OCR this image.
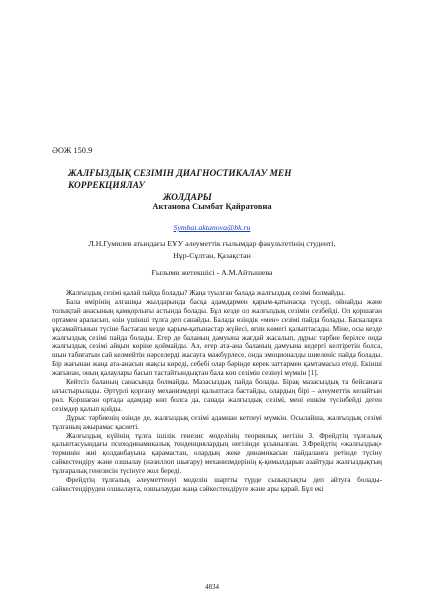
ӘОЖ 150.9
ЖАЛҒЫЗДЫҚ СЕЗІМІН ДИАГНОСТИКАЛАУ МЕН КОРРЕКЦИЯЛАУ
ЖОЛДАРЫ
Актанова Сымбат Қайратовна
Symbat.aktanova@bk.ru
Л.Н.Гумилев атындағы ЕҰУ әлеуметтік ғылымдар факультетінің студенті,
Нұр-Сұлтан, Қазақстан
Ғылыми жетекшісі - А.М.Айтышева

Жалғыздық сезімі қалай пайда болады? Жаңа туылған балада жалғыздық сезімі болмайды.

Бала өмірінің алғашқы жылдарында басқа адамдармен қарым-қатынасқа түседі, ойнайды және толықтай анасының қамқорлығы астында болады. Бұл кезде ол жалғыздық сезімін сезбейді. Ол қоршаған ортамен араласып, өзін үшінші тұлға деп санайды. Балада өзіндік «мен» сезімі пайда болады. Баскаларға ұқсамайтынын түсіне бастаған кезде қарым-қатынастар жүйесі, яғни көмегі қалыптасады. Міне, осы кезде жалғыздық сезімі пайда болады. Егер де баланың дамуына жағдай жасалып, дұрыс тәрбие берілсе онда жалғыздық сезімі айқын көріне қоймайды. Ал, егер ата-ана баланың дамуына кедергі келтіретін болса, шын табиғатын сай келмейтін нәрселерді жасауға мәжбүрлесе, онда эмоционалды шиеленіс пайда болады. Бір жағынан жаңа ата-анасын жақсы көреді, себебі олар бәрінде керек заттармен қамтамасыз етеді. Екінші жағынан, оның қалаулары басып тастайтындықтан бала көп сезімін сезінуі мүмкін [1].

Кейтсіз баланың санасында болмайды. Мазасыздық пайда болады. Бірақ мазасыздық та бейсанаға ығыстырылады. Әртүрлі қорғану механизмдері қалыптаса бастайды, олардың бірі – әлеуметтік келайтын рөл. Қоршаған ортада адамдар көп болса да, санада жалғыздық сезімі, мені ешкім түсінбейді деген сезімдер қалып қойды.

Дұрыс тәрбиенің өзінде де, жалғыздық сезімі адамнан кетпеуі мүмкін. Осылайша, жалғыздық сезімі тұлғаның ажырамас қасиеті.

Жалғыздық күйінің тұлға ішілік генезис моделінің теориялық негізін З. Фрейдтің тұлғалық қалыптасуындағы психодинамикалық тенденциялардың негізінде ұсынылған. З.Фрейдтің «жалғыздық» терминін жиі қолданбауына қарамастан, олардың жеке динамикасын пайдаланға ретінде түсіну сәйкестендіру және озшылау (нәзиллоп шығару) механизмдерінің қ-қимылдарын азайтуды жалғыздықтың тұлғаралық генезисін түсінуге жол береді.

Фрейдтің тұлғалық әлеуметтенуі моделін шартты түрде сызықтықты деп айтуға болады-сәйкестендіруден озшылауға, озшылаудан жаңа сәйкестендіруге және ары қарай. Бұл екі

4834
